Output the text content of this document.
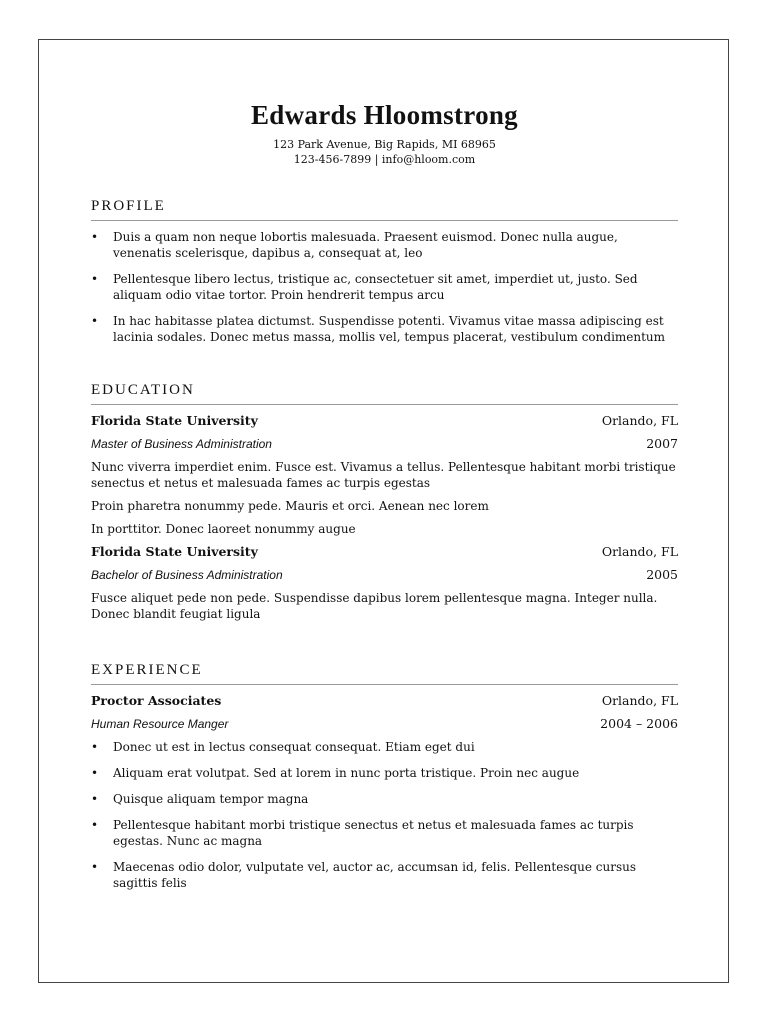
Edwards Hloomstrong
123 Park Avenue, Big Rapids, MI 68965
123-456-7899 | info@hloom.com
PROFILE
• Duis a quam non neque lobortis malesuada. Praesent euismod. Donec nulla augue, venenatis scelerisque, dapibus a, consequat at, leo
• Pellentesque libero lectus, tristique ac, consectetuer sit amet, imperdiet ut, justo. Sed aliquam odio vitae tortor. Proin hendrerit tempus arcu
• In hac habitasse platea dictumst. Suspendisse potenti. Vivamus vitae massa adipiscing est lacinia sodales. Donec metus massa, mollis vel, tempus placerat, vestibulum condimentum
EDUCATION
Florida State University	Orlando, FL
Master of Business Administration	2007
Nunc viverra imperdiet enim. Fusce est. Vivamus a tellus. Pellentesque habitant morbi tristique senectus et netus et malesuada fames ac turpis egestas
Proin pharetra nonummy pede. Mauris et orci. Aenean nec lorem
In porttitor. Donec laoreet nonummy augue
Florida State University	Orlando, FL
Bachelor of Business Administration	2005
Fusce aliquet pede non pede. Suspendisse dapibus lorem pellentesque magna. Integer nulla. Donec blandit feugiat ligula
EXPERIENCE
Proctor Associates	Orlando, FL
Human Resource Manger	2004 – 2006
• Donec ut est in lectus consequat consequat. Etiam eget dui
• Aliquam erat volutpat. Sed at lorem in nunc porta tristique. Proin nec augue
• Quisque aliquam tempor magna
• Pellentesque habitant morbi tristique senectus et netus et malesuada fames ac turpis egestas. Nunc ac magna
• Maecenas odio dolor, vulputate vel, auctor ac, accumsan id, felis. Pellentesque cursus sagittis felis
